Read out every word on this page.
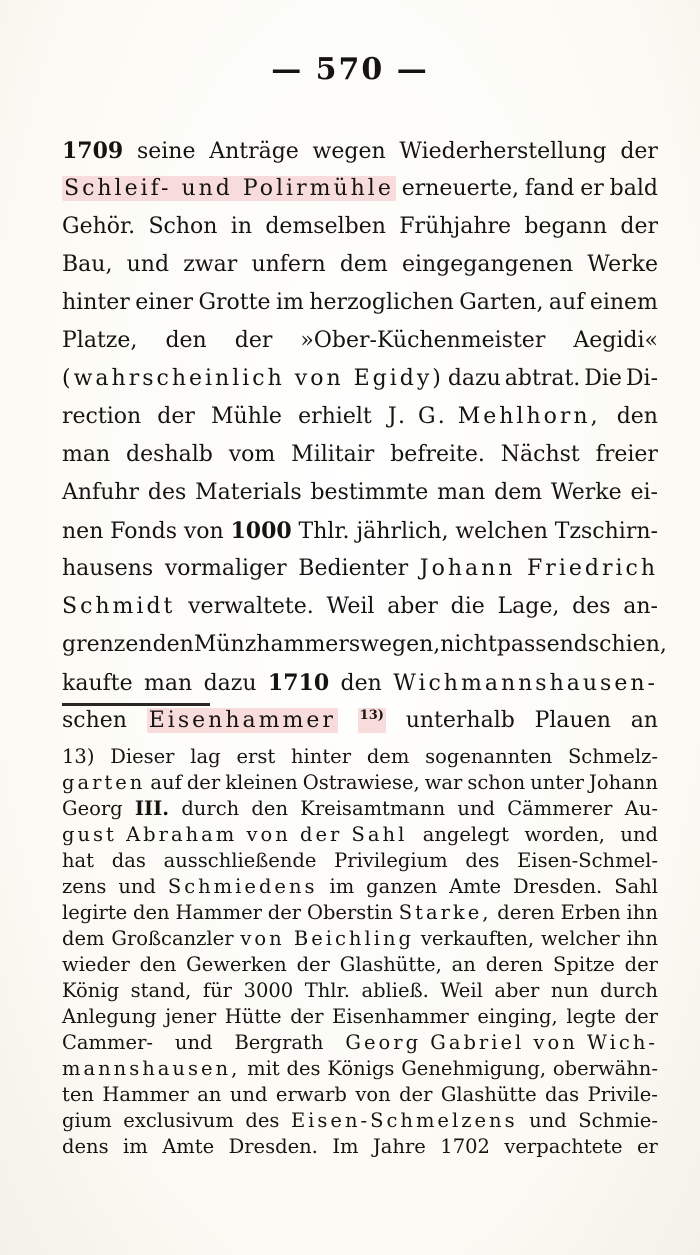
— 570 —
1709 seine Anträge wegen Wiederherstellung der
Schleif- und Polirmühle erneuerte, fand er bald
Gehör. Schon in demselben Frühjahre begann der
Bau, und zwar unfern dem eingegangenen Werke
hinter einer Grotte im herzoglichen Garten, auf einem
Platze, den der »Ober-Küchenmeister Aegidi«
(wahrscheinlich von Egidy) dazu abtrat. Die Di-
rection der Mühle erhielt J. G. Mehlhorn, den
man deshalb vom Militair befreite. Nächst freier
Anfuhr des Materials bestimmte man dem Werke ei-
nen Fonds von 1000 Thlr. jährlich, welchen Tzschirn-
hausens vormaliger Bedienter Johann Friedrich
Schmidt verwaltete. Weil aber die Lage, des an-
grenzenden Münzhammers wegen, nicht passend schien,
kaufte man dazu 1710 den Wichmannshausen-
schen Eisenhammer $^{13)}$ unterhalb Plauen an
13) Dieser lag erst hinter dem sogenannten Schmelz-
garten auf der kleinen Ostrawiese, war schon unter Johann
Georg III. durch den Kreisamtmann und Cämmerer Au-
gust Abraham von der Sahl angelegt worden, und
hat das ausschließende Privilegium des Eisen-Schmel-
zens und Schmiedens im ganzen Amte Dresden. Sahl
legirte den Hammer der Oberstin Starke, deren Erben ihn
dem Großcanzler von Beichling verkauften, welcher ihn
wieder den Gewerken der Glashütte, an deren Spitze der
König stand, für 3000 Thlr. abließ. Weil aber nun durch
Anlegung jener Hütte der Eisenhammer einging, legte der
Cammer- und Bergrath Georg Gabriel von Wich-
mannshausen, mit des Königs Genehmigung, oberwähn-
ten Hammer an und erwarb von der Glashütte das Privile-
gium exclusivum des Eisen-Schmelzens und Schmie-
dens im Amte Dresden. Im Jahre 1702 verpachtete er
